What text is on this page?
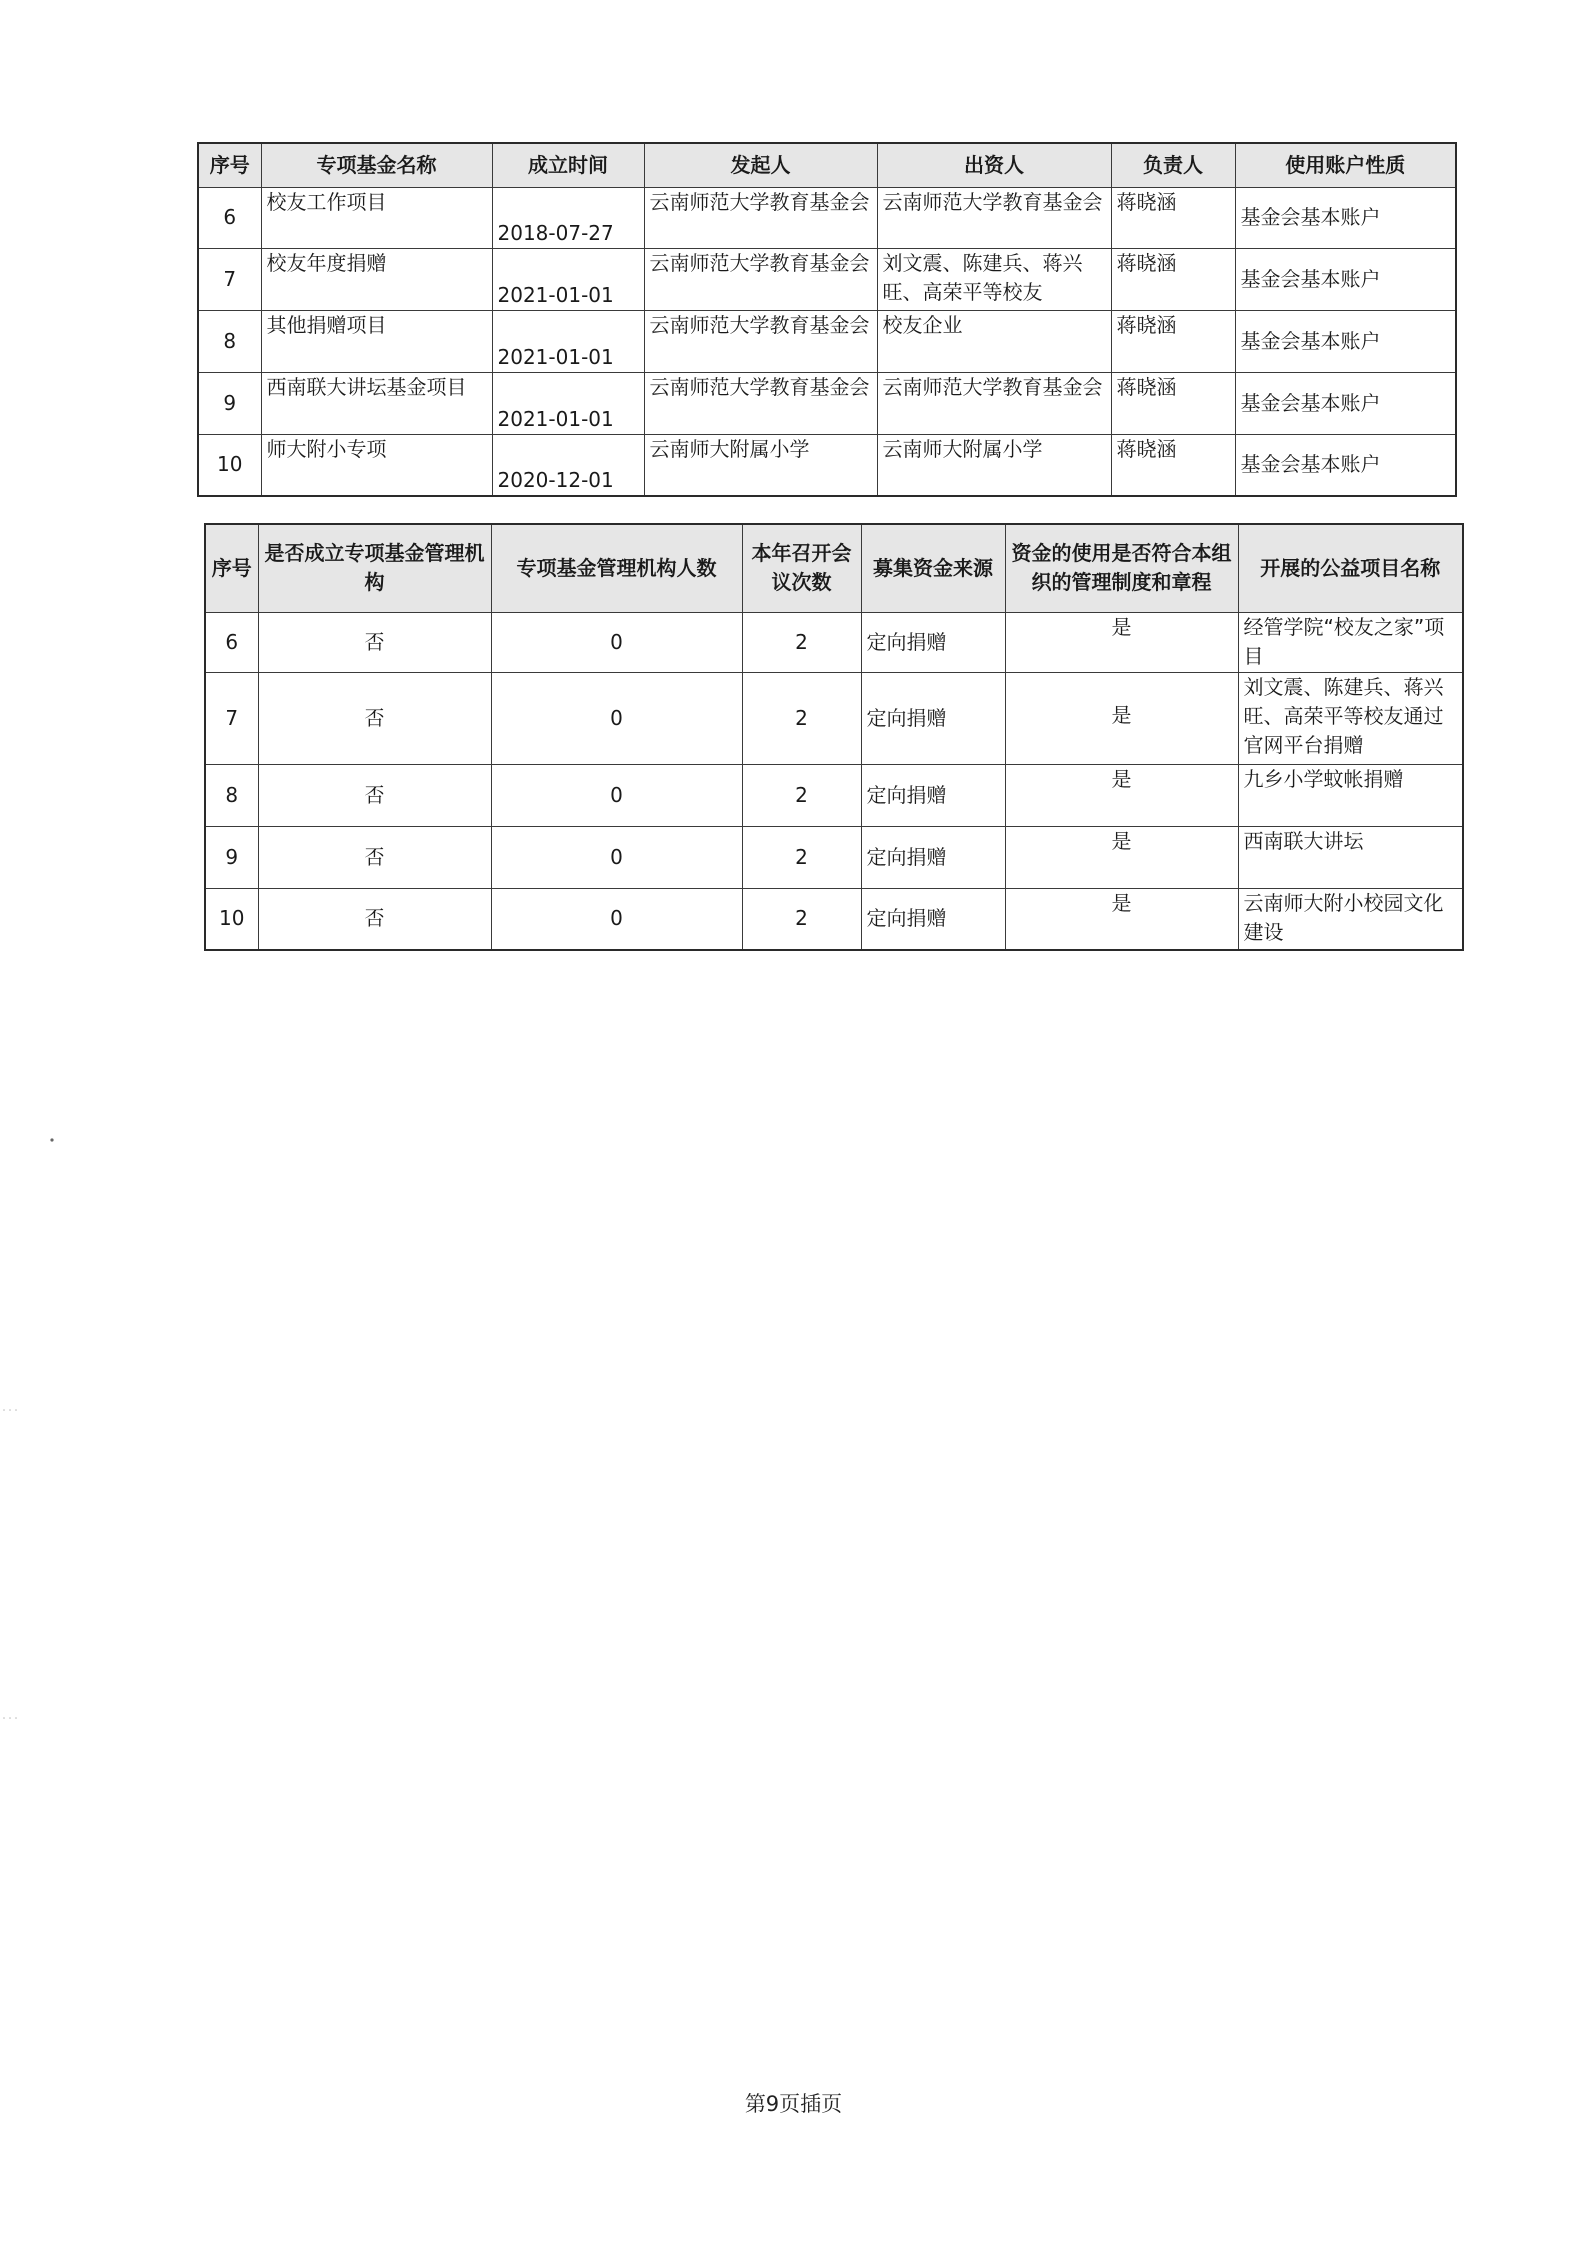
序号	专项基金名称	成立时间	发起人	出资人	负责人	使用账户性质
6	校友工作项目	2018-07-27	云南师范大学教育基金会	云南师范大学教育基金会	蒋晓涵	基金会基本账户
7	校友年度捐赠	2021-01-01	云南师范大学教育基金会	刘文震、陈建兵、蒋兴旺、高荣平等校友	蒋晓涵	基金会基本账户
8	其他捐赠项目	2021-01-01	云南师范大学教育基金会	校友企业	蒋晓涵	基金会基本账户
9	西南联大讲坛基金项目	2021-01-01	云南师范大学教育基金会	云南师范大学教育基金会	蒋晓涵	基金会基本账户
10	师大附小专项	2020-12-01	云南师大附属小学	云南师大附属小学	蒋晓涵	基金会基本账户
序号	是否成立专项基金管理机构	专项基金管理机构人数	本年召开会议次数	募集资金来源	资金的使用是否符合本组织的管理制度和章程	开展的公益项目名称
6	否	0	2	定向捐赠	是	经管学院“校友之家”项目
7	否	0	2	定向捐赠	是	刘文震、陈建兵、蒋兴旺、高荣平等校友通过官网平台捐赠
8	否	0	2	定向捐赠	是	九乡小学蚊帐捐赠
9	否	0	2	定向捐赠	是	西南联大讲坛
10	否	0	2	定向捐赠	是	云南师大附小校园文化建设
第9页插页
